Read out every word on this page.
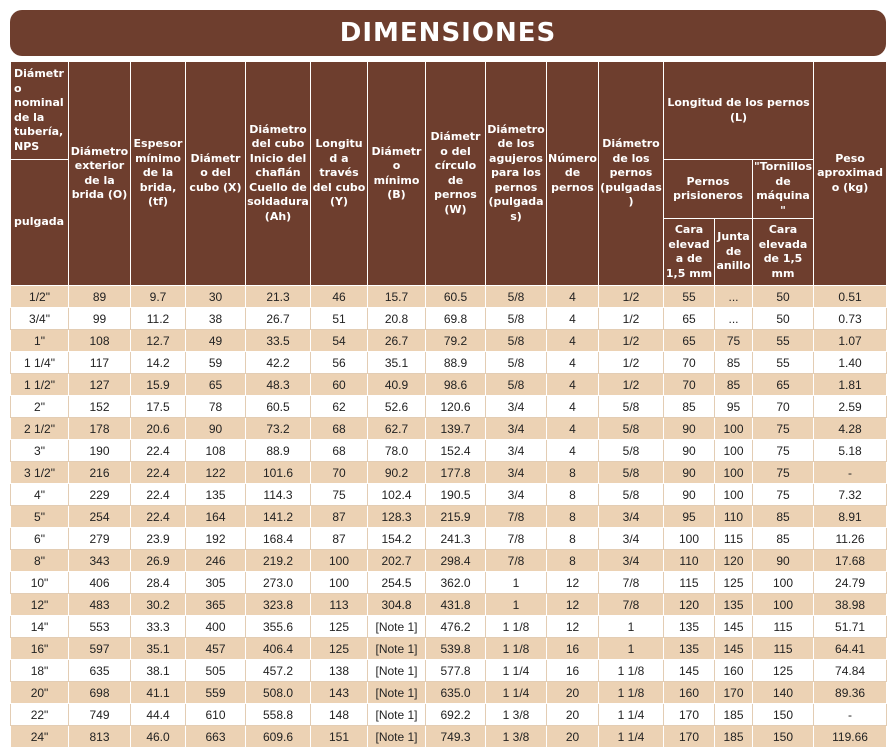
DIMENSIONES
Diámetro nominal de la tubería, NPS	Diámetro exterior de la brida (O)	Espesor mínimo de la brida, (tf)	Diámetro del cubo (X)	Diámetro del cubo Inicio del chaflán Cuello de soldadura (Ah)	Longitud a través del cubo (Y)	Diámetro mínimo (B)	Diámetro del círculo de pernos (W)	Diámetro de los agujeros para los pernos (pulgadas)	Número de pernos	Diámetro de los pernos (pulgadas)	Longitud de los pernos (L)			Peso aproximado (kg)
pulgada											Pernos prisioneros		"Tornillos de máquina"	
											Cara elevada de 1,5 mm	Junta de anillo	Cara elevada de 1,5 mm	
1/2"	89	9.7	30	21.3	46	15.7	60.5	5/8	4	1/2	55	...	50	0.51
3/4"	99	11.2	38	26.7	51	20.8	69.8	5/8	4	1/2	65	...	50	0.73
1"	108	12.7	49	33.5	54	26.7	79.2	5/8	4	1/2	65	75	55	1.07
1 1/4"	117	14.2	59	42.2	56	35.1	88.9	5/8	4	1/2	70	85	55	1.40
1 1/2"	127	15.9	65	48.3	60	40.9	98.6	5/8	4	1/2	70	85	65	1.81
2"	152	17.5	78	60.5	62	52.6	120.6	3/4	4	5/8	85	95	70	2.59
2 1/2"	178	20.6	90	73.2	68	62.7	139.7	3/4	4	5/8	90	100	75	4.28
3"	190	22.4	108	88.9	68	78.0	152.4	3/4	4	5/8	90	100	75	5.18
3 1/2"	216	22.4	122	101.6	70	90.2	177.8	3/4	8	5/8	90	100	75	-
4"	229	22.4	135	114.3	75	102.4	190.5	3/4	8	5/8	90	100	75	7.32
5"	254	22.4	164	141.2	87	128.3	215.9	7/8	8	3/4	95	110	85	8.91
6"	279	23.9	192	168.4	87	154.2	241.3	7/8	8	3/4	100	115	85	11.26
8"	343	26.9	246	219.2	100	202.7	298.4	7/8	8	3/4	110	120	90	17.68
10"	406	28.4	305	273.0	100	254.5	362.0	1	12	7/8	115	125	100	24.79
12"	483	30.2	365	323.8	113	304.8	431.8	1	12	7/8	120	135	100	38.98
14"	553	33.3	400	355.6	125	[Note 1]	476.2	1 1/8	12	1	135	145	115	51.71
16"	597	35.1	457	406.4	125	[Note 1]	539.8	1 1/8	16	1	135	145	115	64.41
18"	635	38.1	505	457.2	138	[Note 1]	577.8	1 1/4	16	1 1/8	145	160	125	74.84
20"	698	41.1	559	508.0	143	[Note 1]	635.0	1 1/4	20	1 1/8	160	170	140	89.36
22"	749	44.4	610	558.8	148	[Note 1]	692.2	1 3/8	20	1 1/4	170	185	150	-
24"	813	46.0	663	609.6	151	[Note 1]	749.3	1 3/8	20	1 1/4	170	185	150	119.66
